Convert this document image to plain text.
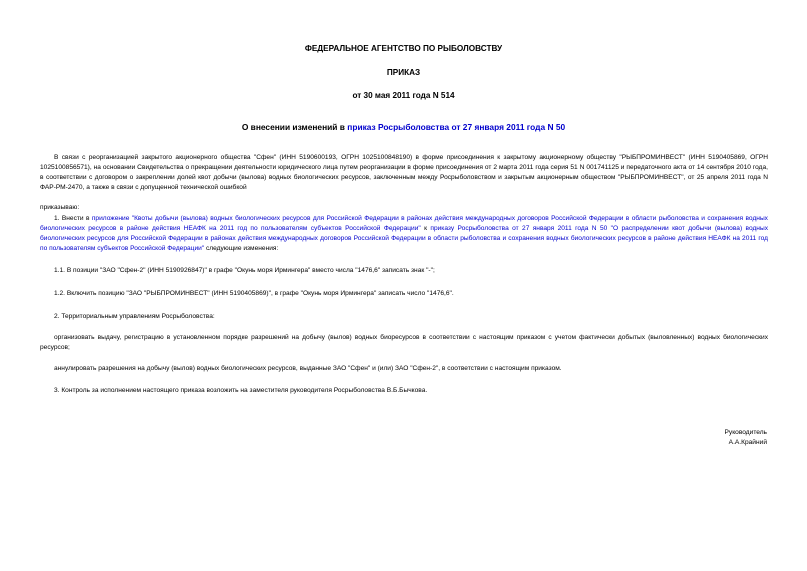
ФЕДЕРАЛЬНОЕ АГЕНТСТВО ПО РЫБОЛОВСТВУ
ПРИКАЗ
от 30 мая 2011 года N 514
О внесении изменений в приказ Росрыболовства от 27 января 2011 года N 50
В связи с реорганизацией закрытого акционерного общества "Сфен" (ИНН 5190600193, ОГРН 1025100848190) в форме присоединения к закрытому акционерному обществу "РЫБПРОМИНВЕСТ" (ИНН 5190405869, ОГРН 1025100856571), на основании Свидетельства о прекращении деятельности юридического лица путем реорганизации в форме присоединения от 2 марта 2011 года серия 51 N 001741125 и передаточного акта от 14 сентября 2010 года, в соответствии с договором о закреплении долей квот добычи (вылова) водных биологических ресурсов, заключенным между Росрыболовством и закрытым акционерным обществом "РЫБПРОМИНВЕСТ", от 25 апреля 2011 года N ФАР-РМ-2470, а также в связи с допущенной технической ошибкой
приказываю:
1. Внести в приложение "Квоты добычи (вылова) водных биологических ресурсов для Российской Федерации в районах действия международных договоров Российской Федерации в области рыболовства и сохранения водных биологических ресурсов в районе действия НЕАФК на 2011 год по пользователям субъектов Российской Федерации" к приказу Росрыболовства от 27 января 2011 года N 50 "О распределении квот добычи (вылова) водных биологических ресурсов для Российской Федерации в районах действия международных договоров Российской Федерации в области рыболовства и сохранения водных биологических ресурсов в районе действия НЕАФК на 2011 год по пользователям субъектов Российской Федерации" следующие изменения:
1.1. В позиции "ЗАО "Сфен-2" (ИНН 5190926847)" в графе "Окунь моря Ирмингера" вместо числа "1476,6" записать знак "-";
1.2. Включить позицию "ЗАО "РЫБПРОМИНВЕСТ" (ИНН 5190405869)", в графе "Окунь моря Ирмингера" записать число "1476,6".
2. Территориальным управлениям Росрыболовства:
организовать выдачу, регистрацию в установленном порядке разрешений на добычу (вылов) водных биоресурсов в соответствии с настоящим приказом с учетом фактически добытых (выловленных) водных биологических ресурсов;
аннулировать разрешения на добычу (вылов) водных биологических ресурсов, выданные ЗАО "Сфен" и (или) ЗАО "Сфен-2", в соответствии с настоящим приказом.
3. Контроль за исполнением настоящего приказа возложить на заместителя руководителя Росрыболовства В.Б.Бычкова.
Руководитель
А.А.Крайний
